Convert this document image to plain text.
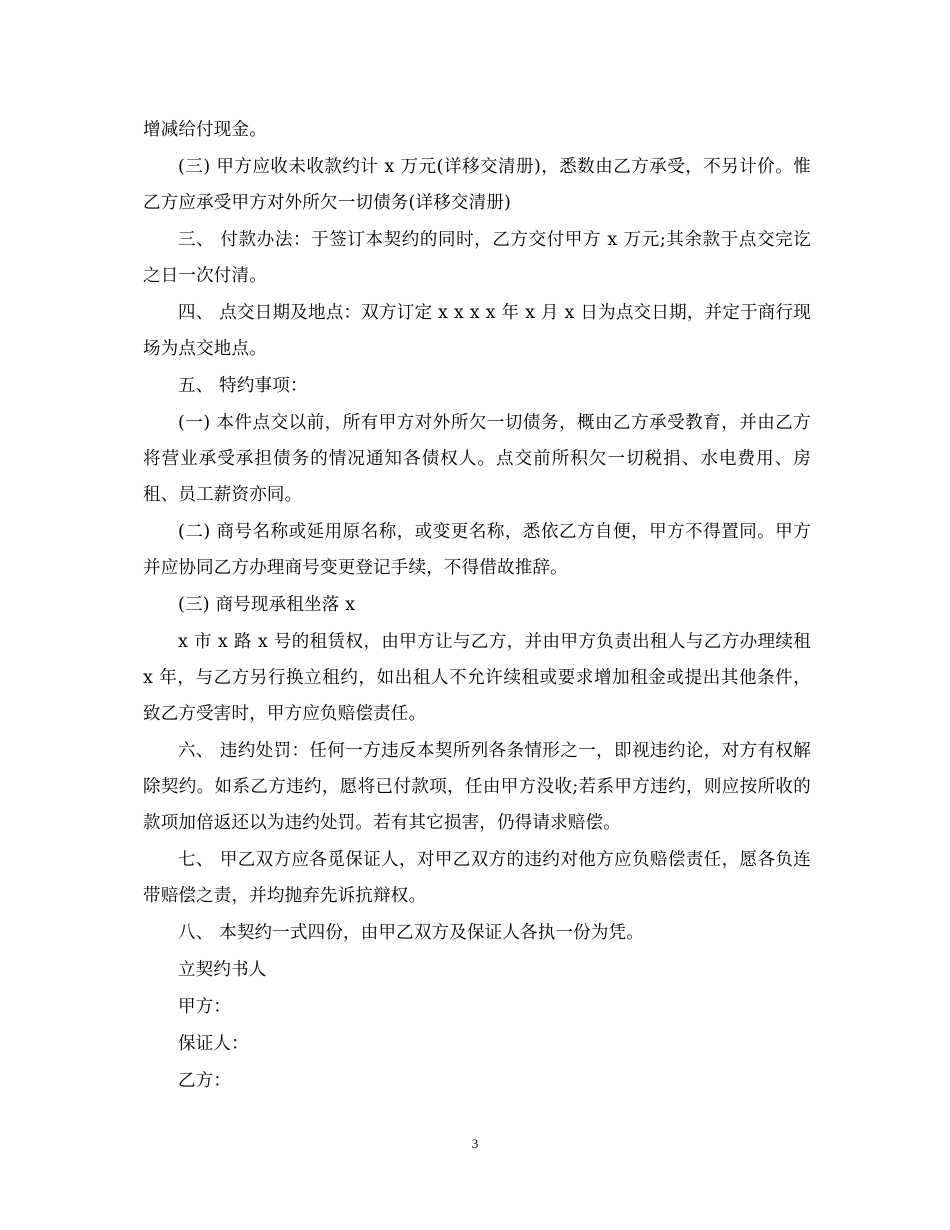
增减给付现金。

(三) 甲方应收未收款约计 x 万元(详移交清册)，悉数由乙方承受，不另计价。惟乙方应承受甲方对外所欠一切债务(详移交清册)

三、 付款办法：于签订本契约的同时，乙方交付甲方 x 万元;其余款于点交完讫之日一次付清。

四、 点交日期及地点：双方订定 x x x x 年 x 月 x 日为点交日期，并定于商行现场为点交地点。

五、 特约事项：

(一) 本件点交以前，所有甲方对外所欠一切债务，概由乙方承受教育，并由乙方将营业承受承担债务的情况通知各债权人。点交前所积欠一切税捐、水电费用、房租、员工薪资亦同。

(二) 商号名称或延用原名称，或变更名称，悉依乙方自便，甲方不得置同。甲方并应协同乙方办理商号变更登记手续，不得借故推辞。

(三) 商号现承租坐落 x

x 市 x 路 x 号的租赁权，由甲方让与乙方，并由甲方负责出租人与乙方办理续租 x 年，与乙方另行换立租约，如出租人不允许续租或要求增加租金或提出其他条件，致乙方受害时，甲方应负赔偿责任。

六、 违约处罚：任何一方违反本契所列各条情形之一，即视违约论，对方有权解除契约。如系乙方违约，愿将已付款项，任由甲方没收;若系甲方违约，则应按所收的款项加倍返还以为违约处罚。若有其它损害，仍得请求赔偿。

七、 甲乙双方应各觅保证人，对甲乙双方的违约对他方应负赔偿责任，愿各负连带赔偿之责，并均抛弃先诉抗辩权。

八、 本契约一式四份，由甲乙双方及保证人各执一份为凭。

立契约书人

甲方：

保证人：

乙方：

3
